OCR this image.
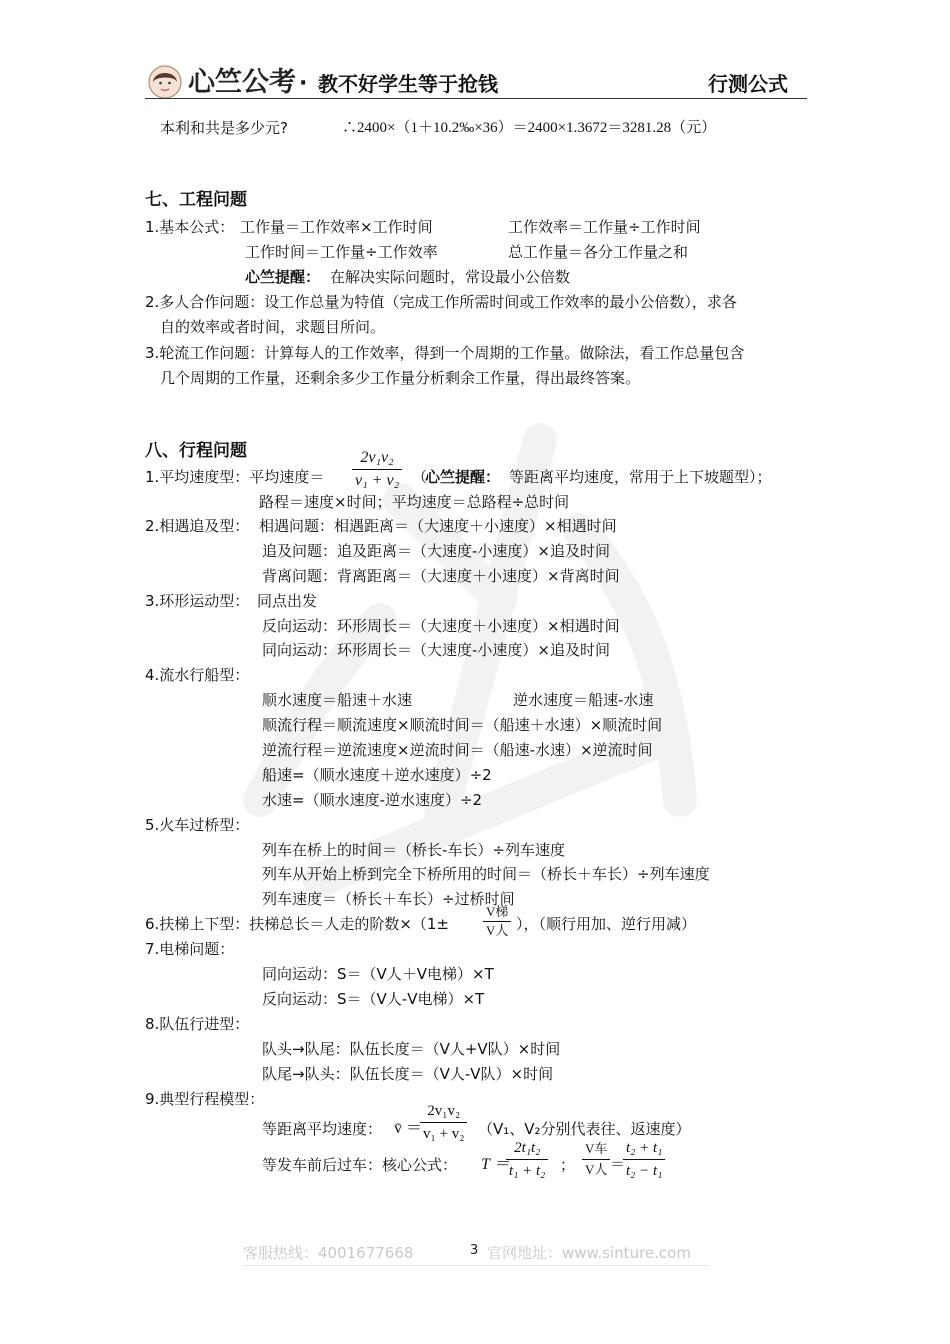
心竺公考 · 教不好学生等于抢钱	行测公式
本利和共是多少元?	∴2400×（1＋10.2‰×36）＝2400×1.3672＝3281.28（元）
七、工程问题
1.基本公式： 工作量＝工作效率×工作时间	工作效率＝工作量÷工作时间
工作时间＝工作量÷工作效率	总工作量＝各分工作量之和
心竺提醒： 在解决实际问题时，常设最小公倍数
2.多人合作问题：设工作总量为特值（完成工作所需时间或工作效率的最小公倍数），求各
自的效率或者时间，求题目所问。
3.轮流工作问题：计算每人的工作效率，得到一个周期的工作量。做除法，看工作总量包含
几个周期的工作量，还剩余多少工作量分析剩余工作量，得出最终答案。
八、行程问题
1.平均速度型：平均速度＝ $\frac{\text{2v₁v₂}}{\text{v₁ + v₂}}$ （
心竺提醒： 等距离平均速度，常用于上下坡题型）；
路程＝速度×时间；平均速度＝总路程÷总时间
2.相遇追及型： 相遇问题：相遇距离＝（大速度＋小速度）×相遇时间
追及问题：追及距离＝（大速度-小速度）×追及时间
背离问题：背离距离＝（大速度＋小速度）×背离时间
3.环形运动型： 同点出发
反向运动：环形周长＝（大速度＋小速度）×相遇时间
同向运动：环形周长＝（大速度-小速度）×追及时间
4.流水行船型：
顺水速度＝船速＋水速	逆水速度＝船速-水速
顺流行程＝顺流速度×顺流时间＝（船速＋水速）×顺流时间
逆流行程＝逆流速度×逆流时间＝（船速-水速）×逆流时间
船速=（顺水速度＋逆水速度）÷2
水速=（顺水速度-逆水速度）÷2
5.火车过桥型：
列车在桥上的时间＝（桥长-车长）÷列车速度
列车从开始上桥到完全下桥所用的时间＝（桥长＋车长）÷列车速度
列车速度＝（桥长＋车长）÷过桥时间
6.扶梯上下型：扶梯总长＝人走的阶数×（1±
V梯
V人 ），（顺行用加、逆行用减）
7.电梯问题：
同向运动：S＝（V人＋V电梯）×T
反向运动：S＝（V人-V电梯）×T
8.队伍行进型：
队头→队尾：队伍长度＝（V人+V队）×时间
队尾→队头：队伍长度＝（V人-V队）×时间
9.典型行程模型：
等距离平均速度： v̄ ＝
$\frac{\text{2v₁v₂}}{\text{v₁ + v₂}} (V_1$、V₂分别代表往、返速度）
等发车前后过车：核心公式： T ＝
$\frac{\text{2t₁t₂}}{\text{t₁ + t₂}}$ ；
V车
V人 ＝
$\frac{\text{t₂ + t₁}}{\text{t₂ − t₁}}$
客服热线：4001677668	3 官网地址：www.sinture.com
